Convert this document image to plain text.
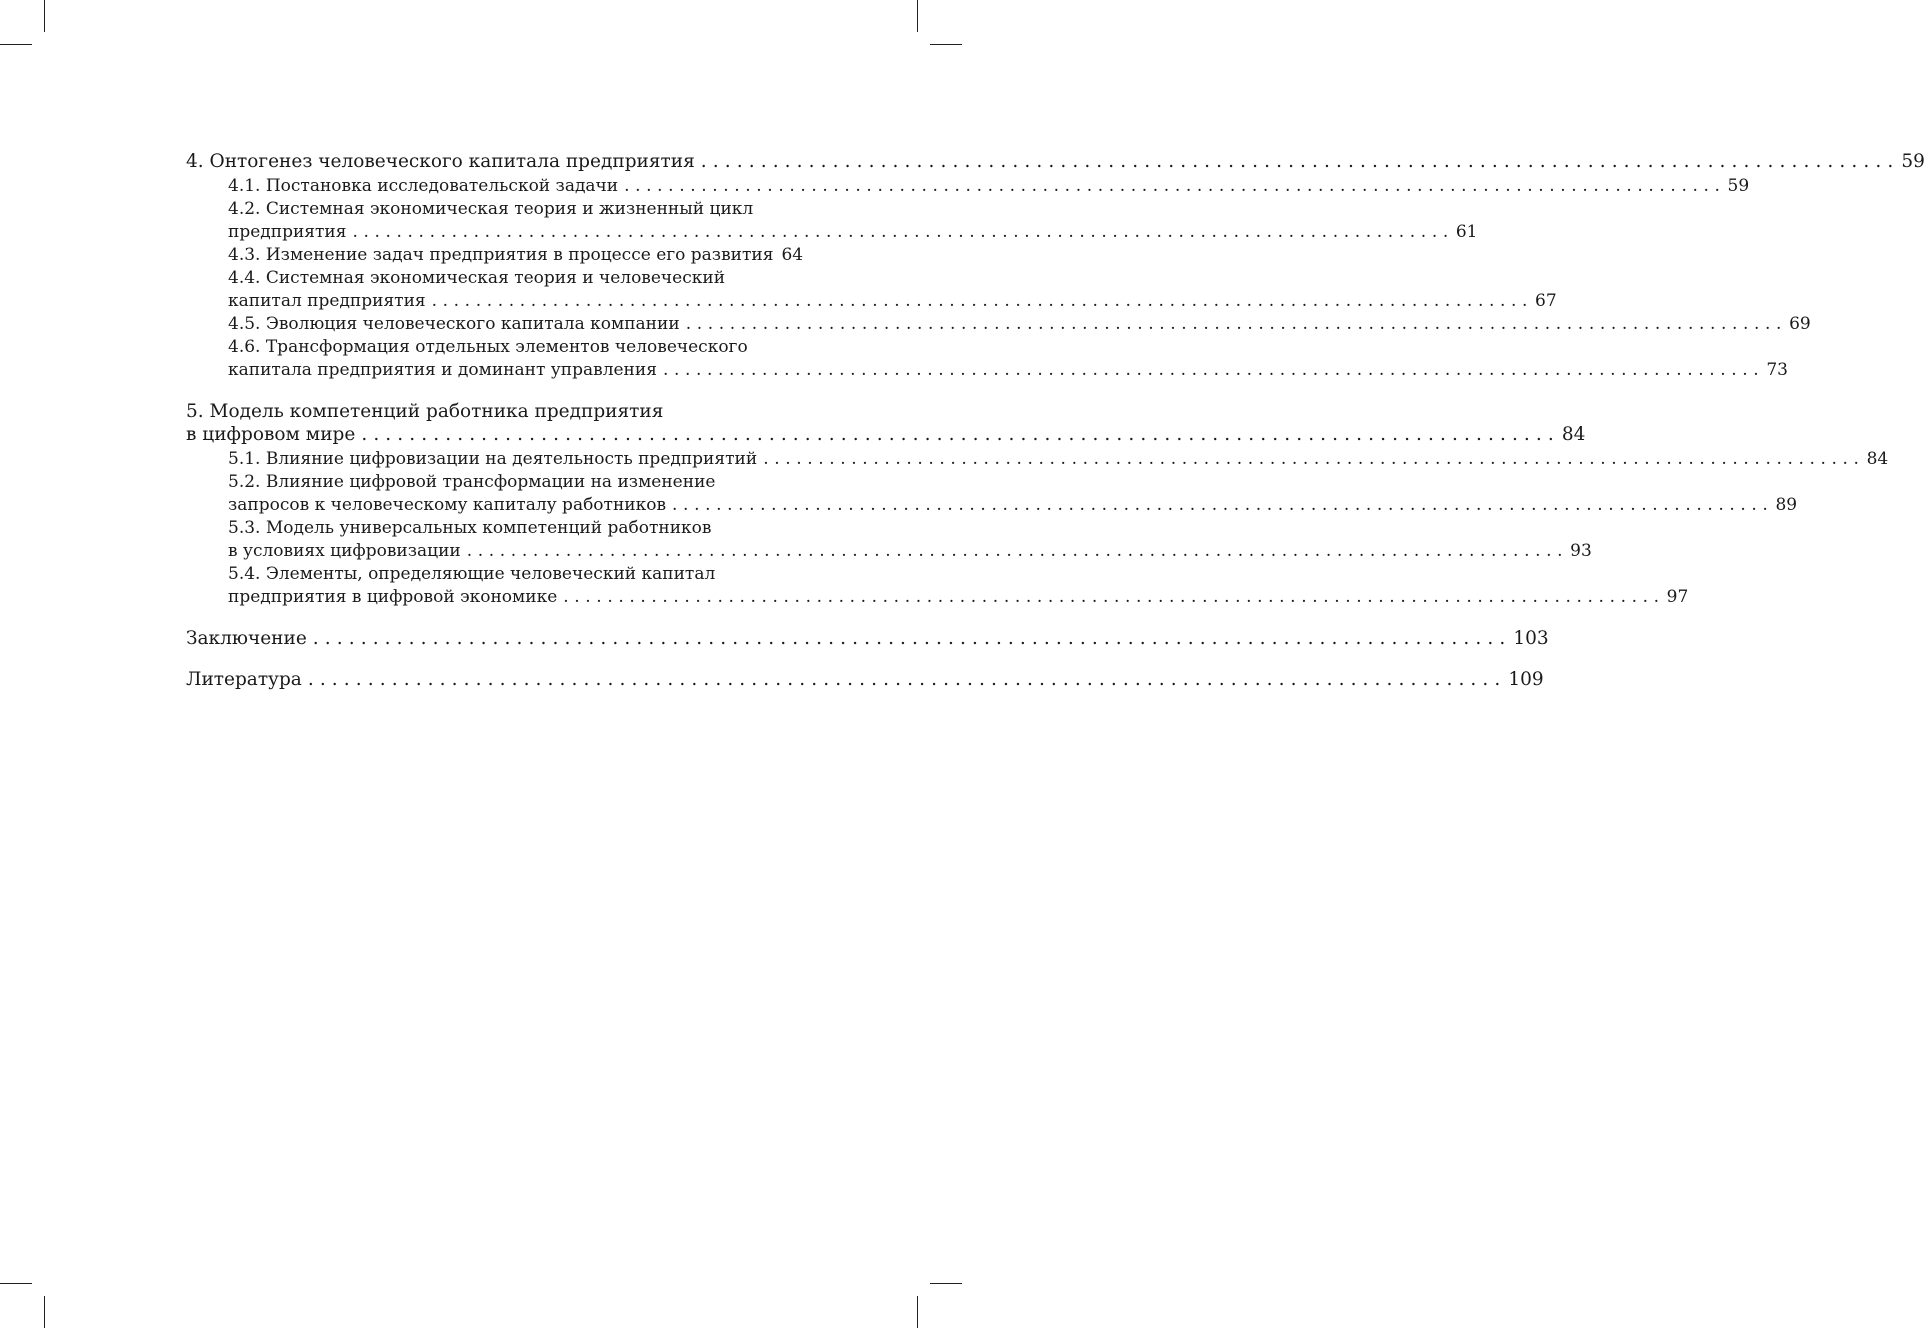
4. Онтогенез человеческого капитала предприятия .................................................................................................... 59
4.1. Постановка исследовательской задачи .................................................................................................... 59
4.2. Системная экономическая теория и жизненный цикл
предприятия .................................................................................................... 61
4.3. Изменение задач предприятия в процессе его развития 64
4.4. Системная экономическая теория и человеческий
капитал предприятия .................................................................................................... 67
4.5. Эволюция человеческого капитала компании .................................................................................................... 69
4.6. Трансформация отдельных элементов человеческого
капитала предприятия и доминант управления .................................................................................................... 73
5. Модель компетенций работника предприятия
в цифровом мире .................................................................................................... 84
5.1. Влияние цифровизации на деятельность предприятий .................................................................................................... 84
5.2. Влияние цифровой трансформации на изменение
запросов к человеческому капиталу работников .................................................................................................... 89
5.3. Модель универсальных компетенций работников
в условиях цифровизации .................................................................................................... 93
5.4. Элементы, определяющие человеческий капитал
предприятия в цифровой экономике .................................................................................................... 97
Заключение .................................................................................................... 103
Литература .................................................................................................... 109
